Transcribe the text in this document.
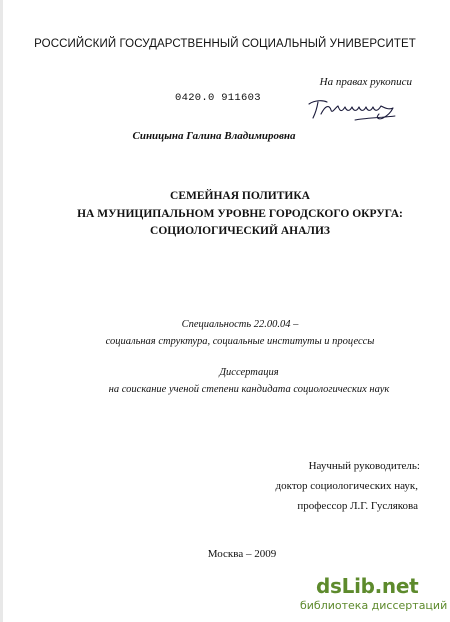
РОССИЙСКИЙ ГОСУДАРСТВЕННЫЙ СОЦИАЛЬНЫЙ УНИВЕРСИТЕТ
На правах рукописи
0420.0 911603
Синицына Галина Владимировна
СЕМЕЙНАЯ ПОЛИТИКА
НА МУНИЦИПАЛЬНОМ УРОВНЕ ГОРОДСКОГО ОКРУГА:
СОЦИОЛОГИЧЕСКИЙ АНАЛИЗ
Специальность 22.00.04 –
социальная структура, социальные институты и процессы
Диссертация
на соискание ученой степени кандидата социологических наук
Научный руководитель:
доктор социологических наук,
профессор Л.Г. Гуслякова
Москва – 2009
dsLib.net
библиотека диссертаций
